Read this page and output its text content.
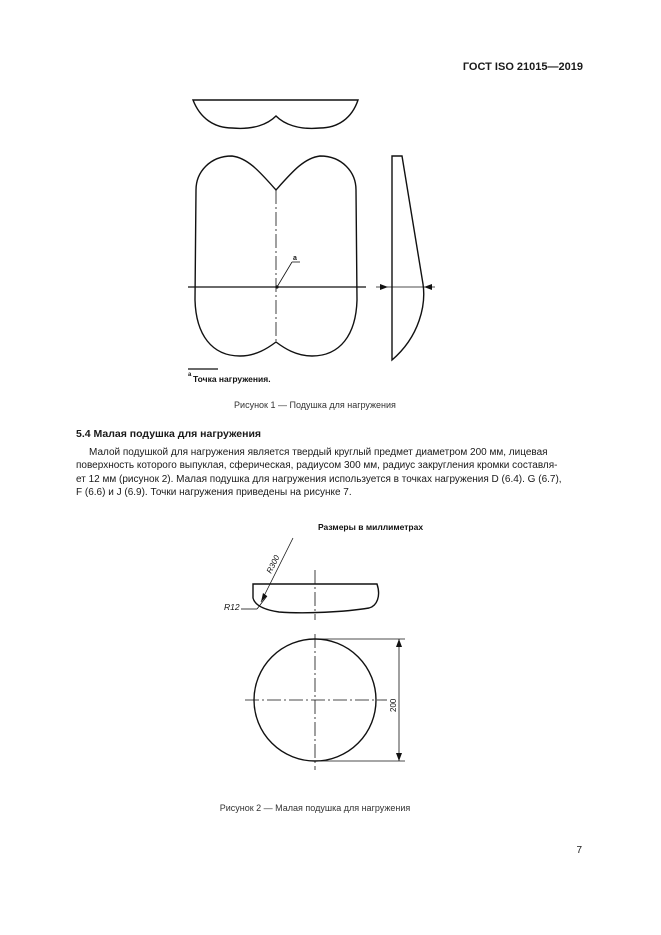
ГОСТ ISO 21015—2019
a
a Точка нагружения.
Рисунок 1 — Подушка для нагружения
5.4 Малая подушка для нагружения
Малой подушкой для нагружения является твердый круглый предмет диаметром 200 мм, лицевая
поверхность которого выпуклая, сферическая, радиусом 300 мм, радиус закругления кромки составля-
ет 12 мм (рисунок 2). Малая подушка для нагружения используется в точках нагружения D (6.4). G (6.7),
F (6.6) и J (6.9). Точки нагружения приведены на рисунке 7.
Размеры в миллиметрах
R300
R12
200
Рисунок 2 — Малая подушка для нагружения
7
